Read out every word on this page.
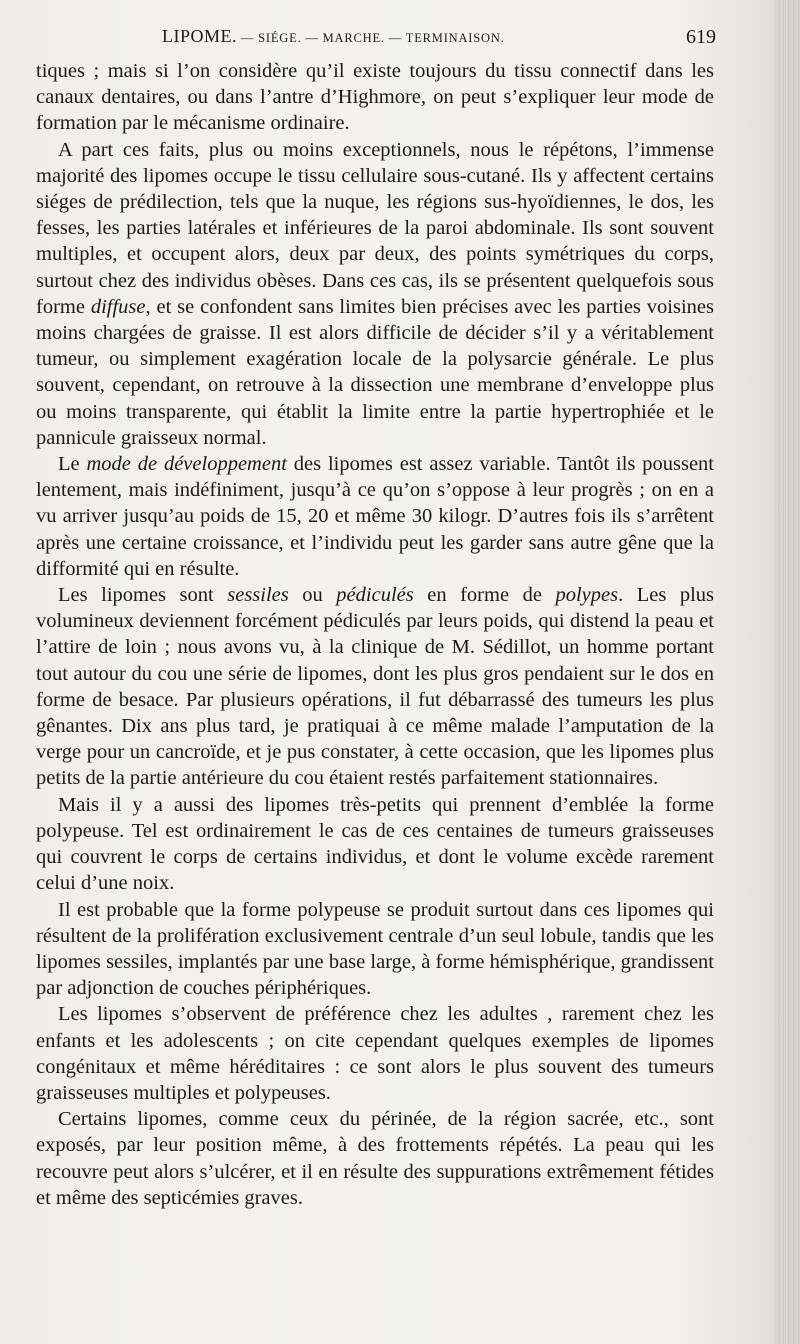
LIPOME. — SIÉGE. — MARCHE. — TERMINAISON.	619

tiques ; mais si l’on considère qu’il existe toujours du tissu connectif dans les canaux dentaires, ou dans l’antre d’Highmore, on peut s’expliquer leur mode de formation par le mécanisme ordinaire.

A part ces faits, plus ou moins exceptionnels, nous le répétons, l’immense majorité des lipomes occupe le tissu cellulaire sous-cutané. Ils y affectent certains siéges de prédilection, tels que la nuque, les régions sus-hyoïdiennes, le dos, les fesses, les parties latérales et inférieures de la paroi abdominale. Ils sont souvent multiples, et occupent alors, deux par deux, des points symétriques du corps, surtout chez des individus obèses. Dans ces cas, ils se présentent quelquefois sous forme diffuse, et se confondent sans limites bien précises avec les parties voisines moins chargées de graisse. Il est alors difficile de décider s’il y a véritablement tumeur, ou simplement exagération locale de la polysarcie générale. Le plus souvent, cependant, on retrouve à la dissection une membrane d’enveloppe plus ou moins transparente, qui établit la limite entre la partie hypertrophiée et le pannicule graisseux normal.

Le mode de développement des lipomes est assez variable. Tantôt ils poussent lentement, mais indéfiniment, jusqu’à ce qu’on s’oppose à leur progrès ; on en a vu arriver jusqu’au poids de 15, 20 et même 30 kilogr. D’autres fois ils s’arrêtent après une certaine croissance, et l’individu peut les garder sans autre gêne que la difformité qui en résulte.

Les lipomes sont sessiles ou pédiculés en forme de polypes. Les plus volumineux deviennent forcément pédiculés par leurs poids, qui distend la peau et l’attire de loin ; nous avons vu, à la clinique de M. Sédillot, un homme portant tout autour du cou une série de lipomes, dont les plus gros pendaient sur le dos en forme de besace. Par plusieurs opérations, il fut débarrassé des tumeurs les plus gênantes. Dix ans plus tard, je pratiquai à ce même malade l’amputation de la verge pour un cancroïde, et je pus constater, à cette occasion, que les lipomes plus petits de la partie antérieure du cou étaient restés parfaitement stationnaires.

Mais il y a aussi des lipomes très-petits qui prennent d’emblée la forme polypeuse. Tel est ordinairement le cas de ces centaines de tumeurs graisseuses qui couvrent le corps de certains individus, et dont le volume excède rarement celui d’une noix.

Il est probable que la forme polypeuse se produit surtout dans ces lipomes qui résultent de la prolifération exclusivement centrale d’un seul lobule, tandis que les lipomes sessiles, implantés par une base large, à forme hémisphérique, grandissent par adjonction de couches périphériques.

Les lipomes s’observent de préférence chez les adultes , rarement chez les enfants et les adolescents ; on cite cependant quelques exemples de lipomes congénitaux et même héréditaires : ce sont alors le plus souvent des tumeurs graisseuses multiples et polypeuses.

Certains lipomes, comme ceux du périnée, de la région sacrée, etc., sont exposés, par leur position même, à des frottements répétés. La peau qui les recouvre peut alors s’ulcérer, et il en résulte des suppurations extrêmement fétides et même des septicémies graves.
